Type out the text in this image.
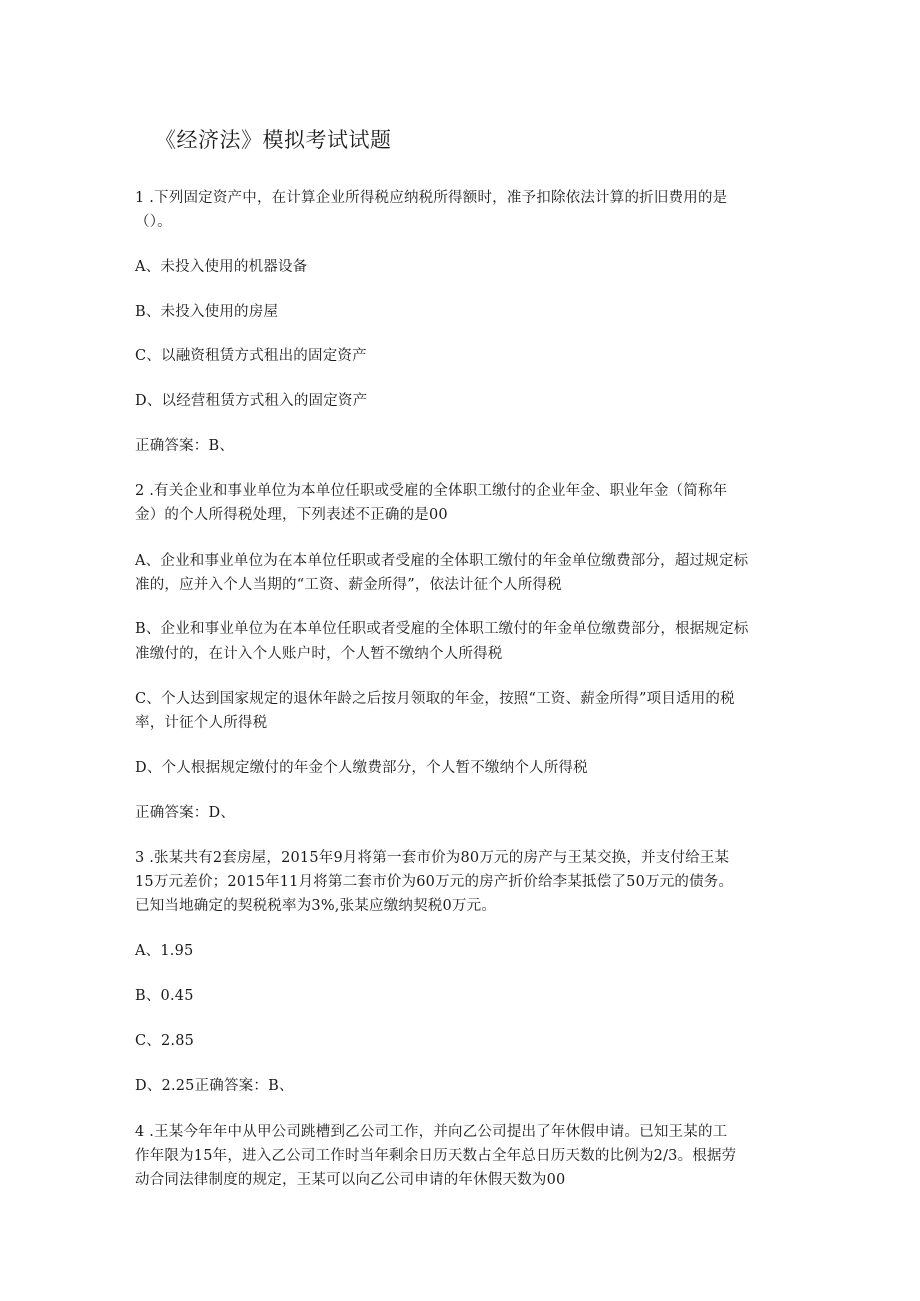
《经济法》模拟考试试题
1 .下列固定资产中，在计算企业所得税应纳税所得额时，准予扣除依法计算的折旧费用的是
（）。
A、未投入使用的机器设备
B、未投入使用的房屋
C、以融资租赁方式租出的固定资产
D、以经营租赁方式租入的固定资产
正确答案：B、
2 .有关企业和事业单位为本单位任职或受雇的全体职工缴付的企业年金、职业年金（简称年
金）的个人所得税处理，下列表述不正确的是00
A、企业和事业单位为在本单位任职或者受雇的全体职工缴付的年金单位缴费部分，超过规定标
准的，应并入个人当期的“工资、薪金所得”，依法计征个人所得税
B、企业和事业单位为在本单位任职或者受雇的全体职工缴付的年金单位缴费部分，根据规定标
准缴付的，在计入个人账户时，个人暂不缴纳个人所得税
C、个人达到国家规定的退休年龄之后按月领取的年金，按照“工资、薪金所得”项目适用的税
率，计征个人所得税
D、个人根据规定缴付的年金个人缴费部分，个人暂不缴纳个人所得税
正确答案：D、
3 .张某共有2套房屋，2015年9月将第一套市价为80万元的房产与王某交换，并支付给王某
15万元差价；2015年11月将第二套市价为60万元的房产折价给李某抵偿了50万元的债务。
已知当地确定的契税税率为3%,张某应缴纳契税0万元。
A、1.95
B、0.45
C、2.85
D、2.25正确答案：B、
4 .王某今年年中从甲公司跳槽到乙公司工作，并向乙公司提出了年休假申请。已知王某的工
作年限为15年，进入乙公司工作时当年剩余日历天数占全年总日历天数的比例为2/3。根据劳
动合同法律制度的规定，王某可以向乙公司申请的年休假天数为00
